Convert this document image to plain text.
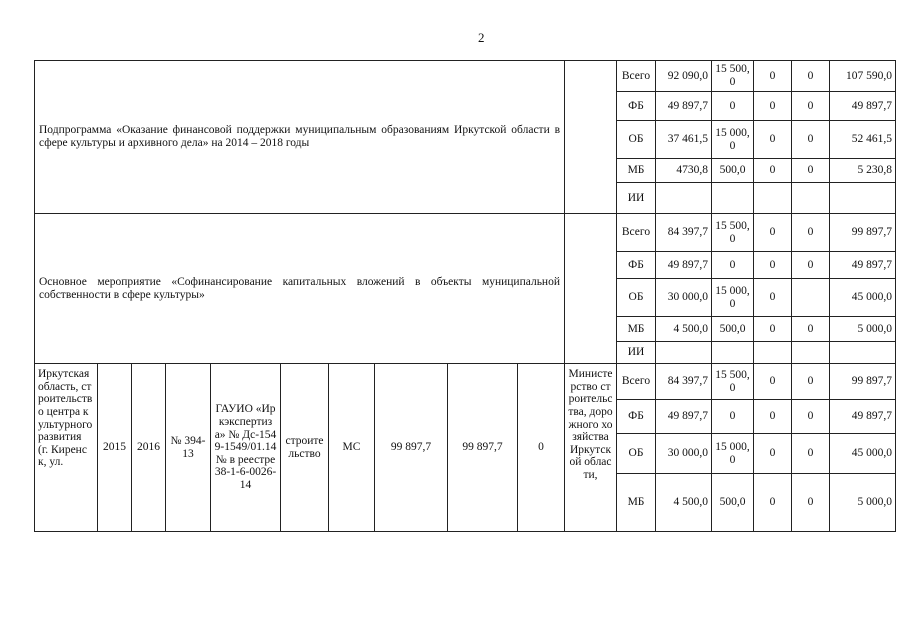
2
Подпрограмма «Оказание финансовой поддержки муниципальным образованиям Иркутской области в сфере культуры и архивного дела» на 2014 – 2018 годы											Всего	92 090,0	15 500,0	0	0	107 590,0
											ФБ	49 897,7	0	0	0	49 897,7
											ОБ	37 461,5	15 000,0	0	0	52 461,5
											МБ	4730,8	500,0	0	0	5 230,8
											ИИ					
Основное мероприятие «Софинансирование капитальных вложений в объекты муниципальной собственности в сфере культуры»											Всего	84 397,7	15 500,0	0	0	99 897,7
											ФБ	49 897,7	0	0	0	49 897,7
											ОБ	30 000,0	15 000,0	0		45 000,0
											МБ	4 500,0	500,0	0	0	5 000,0
											ИИ					
Иркутская область, строительство центра культурного развития (г. Киренск, ул.	2015	2016	№ 394-13	ГАУИО «Иркэкспертиза» № Дс-1549-1549/01.14 № в реестре 38-1-6-0026-14	строительство	МС	99 897,7	99 897,7	0	Министерство строительства, дорожного хозяйства Иркутской области,	Всего	84 397,7	15 500,0	0	0	99 897,7
											ФБ	49 897,7	0	0	0	49 897,7
											ОБ	30 000,0	15 000,0	0	0	45 000,0
											МБ	4 500,0	500,0	0	0	5 000,0
